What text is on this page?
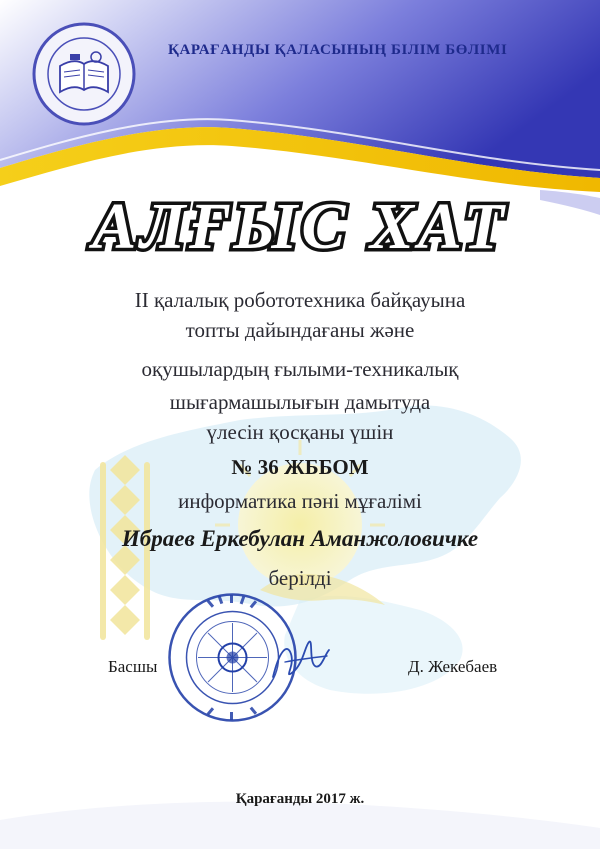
ҚАРАҒАНДЫ ҚАЛАСЫНЫҢ БІЛІМ БӨЛІМІ
АЛҒЫС ХАТ
II қалалық робототехника байқауына
топты дайындағаны және
оқушылардың ғылыми-техникалық
шығармашылығын дамытуда
үлесін қосқаны үшін
№ 36 ЖББОМ
информатика пәні мұғалімі
Ибраев Еркебулан Аманжоловичке
берілді
Басшы	Д. Жекебаев
Қарағанды 2017 ж.
